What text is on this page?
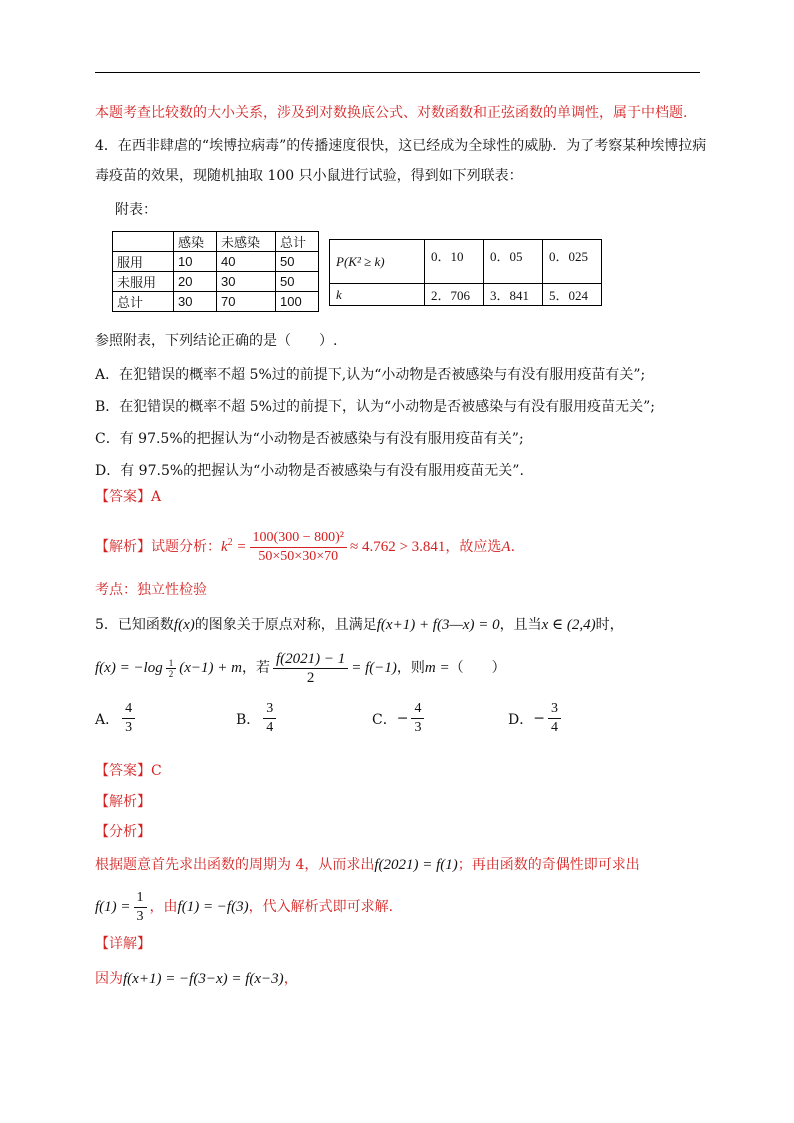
本题考查比较数的大小关系，涉及到对数换底公式、对数函数和正弦函数的单调性，属于中档题.
4．在西非肆虐的“埃博拉病毒”的传播速度很快，这已经成为全球性的威胁．为了考察某种埃博拉病
毒疫苗的效果，现随机抽取 100 只小鼠进行试验，得到如下列联表：
附表：
	感染	未感染	总计
服用	10	40	50
未服用	20	30	50
总计	30	70	100
P(K² ≥ k)	0．10	0．05	0．025
k	2．706	3．841	5．024
参照附表，下列结论正确的是（　　）.
A．在犯错误的概率不超 5%过的前提下,认为“小动物是否被感染与有没有服用疫苗有关”;
B．在犯错误的概率不超 5%过的前提下，认为“小动物是否被感染与有没有服用疫苗无关”;
C．有 97.5%的把握认为“小动物是否被感染与有没有服用疫苗有关”;
D．有 97.5%的把握认为“小动物是否被感染与有没有服用疫苗无关”.
【答案】A
【解析】试题分析：$k^2 = \frac{\text{100(300 − 800)²}}{50\times 50\times 30\times 70} \approx 4.762 > 3.841$，故应选A.
考点：独立性检验
5．已知函数f(x)的图象关于原点对称，且满足f(x+1) + f(3—x) = 0，且当x ∈ (2,4)时，
$f(x) = -\log \frac{1}{2} (x-1) + m$，若 $\frac{f(2021) - 1}{2} = f(-1)$，则m =（　　）
A． $\frac{4}{3}$	B． $\frac{3}{4}$	C．− $\frac{4}{3}$	D．− $\frac{3}{4}$
【答案】C
【解析】
【分析】
根据题意首先求出函数的周期为 4，从而求出f(2021) = f(1)；再由函数的奇偶性即可求出
$f(1) = \frac{1}{3}$ ，由f(1) = −f(3)，代入解析式即可求解.
【详解】
因为f(x+1) = −f(3−x) = f(x−3)，
